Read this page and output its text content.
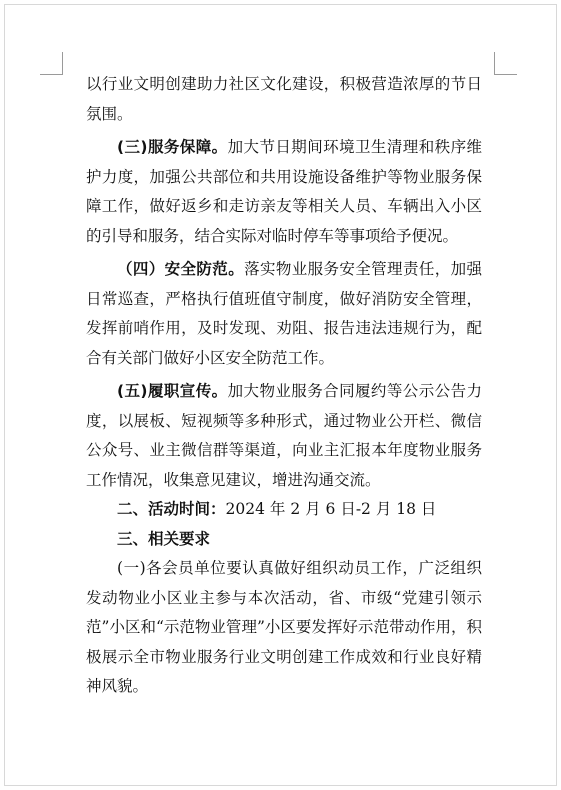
以行业文明创建助力社区文化建设，积极营造浓厚的节日氛围。

(三)服务保障。加大节日期间环境卫生清理和秩序维护力度，加强公共部位和共用设施设备维护等物业服务保障工作，做好返乡和走访亲友等相关人员、车辆出入小区的引导和服务，结合实际对临时停车等事项给予便况。

（四）安全防范。落实物业服务安全管理责任，加强日常巡查，严格执行值班值守制度，做好消防安全管理，发挥前哨作用，及时发现、劝阻、报告违法违规行为，配合有关部门做好小区安全防范工作。

(五)履职宣传。加大物业服务合同履约等公示公告力度，以展板、短视频等多种形式，通过物业公开栏、微信公众号、业主微信群等渠道，向业主汇报本年度物业服务工作情况，收集意见建议，增进沟通交流。

二、活动时间：2024 年 2 月 6 日-2 月 18 日

三、相关要求

(一)各会员单位要认真做好组织动员工作，广泛组织发动物业小区业主参与本次活动，省、市级“党建引领示范”小区和“示范物业管理”小区要发挥好示范带动作用，积极展示全市物业服务行业文明创建工作成效和行业良好精神风貌。
